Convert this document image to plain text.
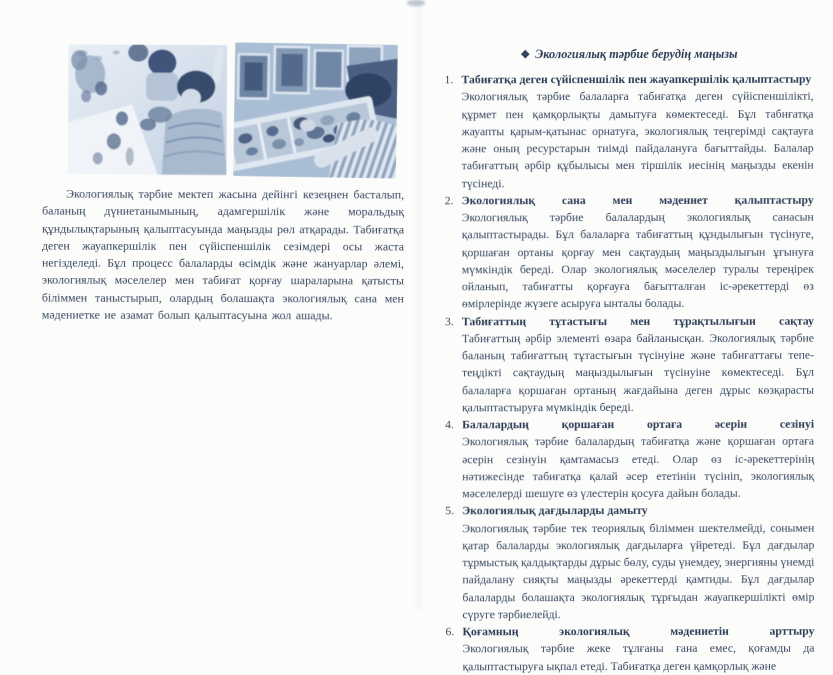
Экологиялық тәрбие мектеп жасына дейінгі кезеңнен басталып, баланың дүниетанымының, адамгершілік және моральдық құндылықтарының қалыптасуында маңызды рөл атқарады. Табиғатқа деген жауапкершілік пен сүйіспеншілік сезімдері осы жаста негізделеді. Бұл процесс балаларды өсімдік және жануарлар әлемі, экологиялық мәселелер мен табиғат қорғау шараларына қатысты біліммен таныстырып, олардың болашақта экологиялық сана мен мәдениетке ие азамат болып қалыптасуына жол ашады.

❖ Экологиялық тәрбие берудің маңызы
1. Табиғатқа деген сүйіспеншілік пен жауапкершілік қалыптастыру
Экологиялық тәрбие балаларға табиғатқа деген сүйіспеншілікті, құрмет пен қамқорлықты дамытуға көмектеседі. Бұл табиғатқа жауапты қарым-қатынас орнатуға, экологиялық теңгерімді сақтауға және оның ресурстарын тиімді пайдалануға бағыттайды. Балалар табиғаттың әрбір құбылысы мен тіршілік иесінің маңызды екенін түсінеді.
2. Экологиялық сана мен мәдениет қалыптастыру
Экологиялық тәрбие балалардың экологиялық санасын қалыптастырады. Бұл балаларға табиғаттың құндылығын түсінуге, қоршаған ортаны қорғау мен сақтаудың маңыздылығын ұғынуға мүмкіндік береді. Олар экологиялық мәселелер туралы тереңірек ойланып, табиғатты қорғауға бағытталған іс-әрекеттерді өз өмірлерінде жүзеге асыруға ынталы болады.
3. Табиғаттың тұтастығы мен тұрақтылығын сақтау
Табиғаттың әрбір элементі өзара байланысқан. Экологиялық тәрбие баланың табиғаттың тұтастығын түсінуіне және табиғаттағы тепе-теңдікті сақтаудың маңыздылығын түсінуіне көмектеседі. Бұл балаларға қоршаған ортаның жағдайына деген дұрыс көзқарасты қалыптастыруға мүмкіндік береді.
4. Балалардың қоршаған ортаға әсерін сезінуі
Экологиялық тәрбие балалардың табиғатқа және қоршаған ортаға әсерін сезінуін қамтамасыз етеді. Олар өз іс-әрекеттерінің нәтижесінде табиғатқа қалай әсер ететінін түсініп, экологиялық мәселелерді шешуге өз үлестерін қосуға дайын болады.
5. Экологиялық дағдыларды дамыту
Экологиялық тәрбие тек теориялық біліммен шектелмейді, сонымен қатар балаларды экологиялық дағдыларға үйретеді. Бұл дағдылар тұрмыстық қалдықтарды дұрыс бөлу, суды үнемдеу, энергияны үнемді пайдалану сияқты маңызды әрекеттерді қамтиды. Бұл дағдылар балаларды болашақта экологиялық тұрғыдан жауапкершілікті өмір сүруге тәрбиелейді.
6. Қоғамның экологиялық мәдениетін арттыру
Экологиялық тәрбие жеке тұлғаны ғана емес, қоғамды да қалыптастыруға ықпал етеді. Табиғатқа деген қамқорлық және
